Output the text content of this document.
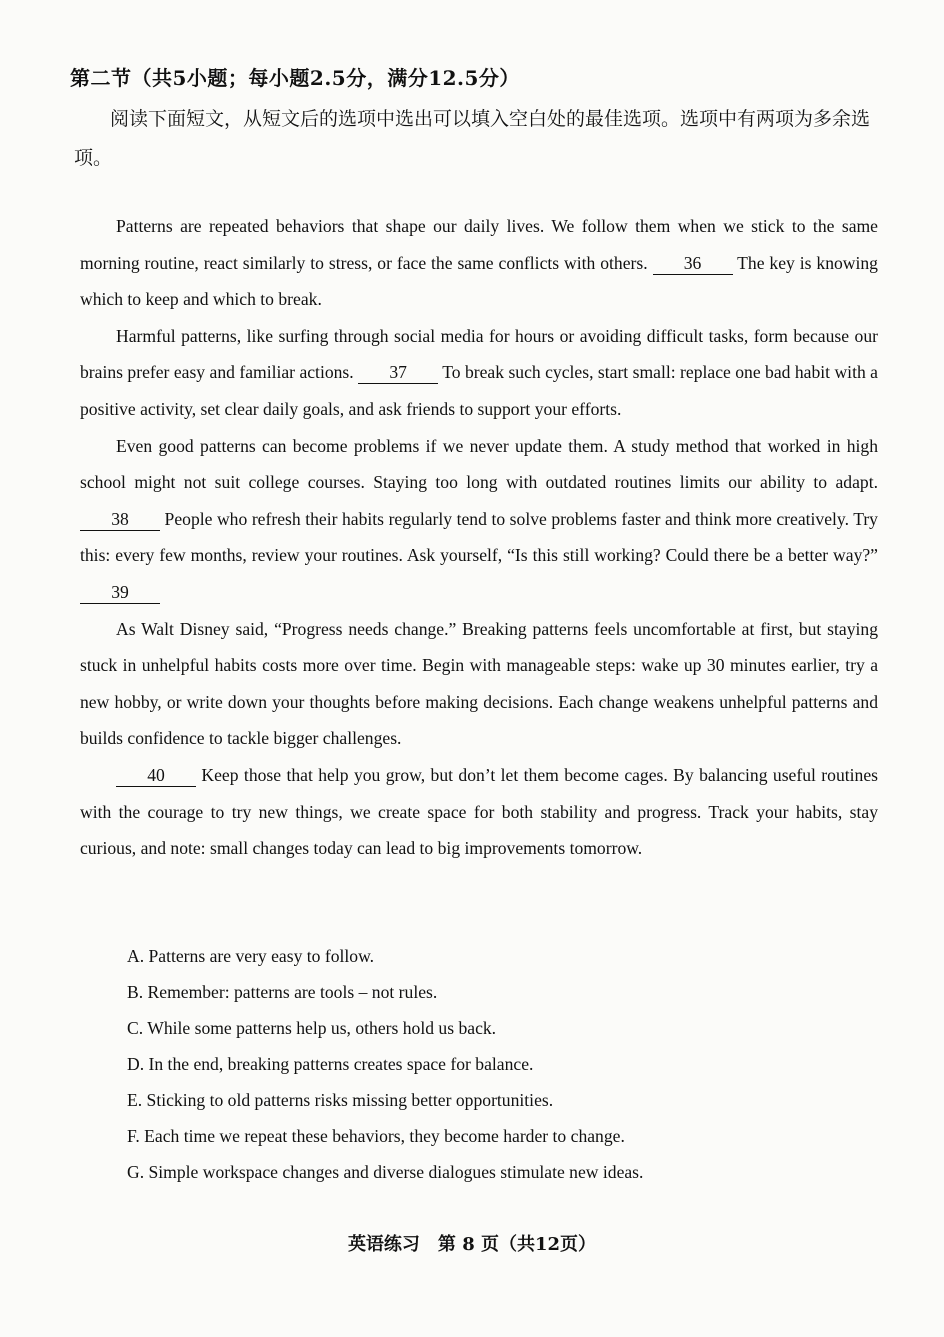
第二节（共5小题；每小题2.5分，满分12.5分）
阅读下面短文，从短文后的选项中选出可以填入空白处的最佳选项。选项中有两项为多余选项。

Patterns are repeated behaviors that shape our daily lives. We follow them when we stick to the same morning routine, react similarly to stress, or face the same conflicts with others. 36 The key is knowing which to keep and which to break.

Harmful patterns, like surfing through social media for hours or avoiding difficult tasks, form because our brains prefer easy and familiar actions. 37 To break such cycles, start small: replace one bad habit with a positive activity, set clear daily goals, and ask friends to support your efforts.

Even good patterns can become problems if we never update them. A study method that worked in high school might not suit college courses. Staying too long with outdated routines limits our ability to adapt. 38 People who refresh their habits regularly tend to solve problems faster and think more creatively. Try this: every few months, review your routines. Ask yourself, “Is this still working? Could there be a better way?”39

As Walt Disney said, “Progress needs change.” Breaking patterns feels uncomfortable at first, but staying stuck in unhelpful habits costs more over time. Begin with manageable steps: wake up 30 minutes earlier, try a new hobby, or write down your thoughts before making decisions. Each change weakens unhelpful patterns and builds confidence to tackle bigger challenges.

40 Keep those that help you grow, but don’t let them become cages. By balancing useful routines with the courage to try new things, we create space for both stability and progress. Track your habits, stay curious, and note: small changes today can lead to big improvements tomorrow.

A. Patterns are very easy to follow.
B. Remember: patterns are tools – not rules.
C. While some patterns help us, others hold us back.
D. In the end, breaking patterns creates space for balance.
E. Sticking to old patterns risks missing better opportunities.
F. Each time we repeat these behaviors, they become harder to change.
G. Simple workspace changes and diverse dialogues stimulate new ideas.
英语练习　第 8 页（共12页）
